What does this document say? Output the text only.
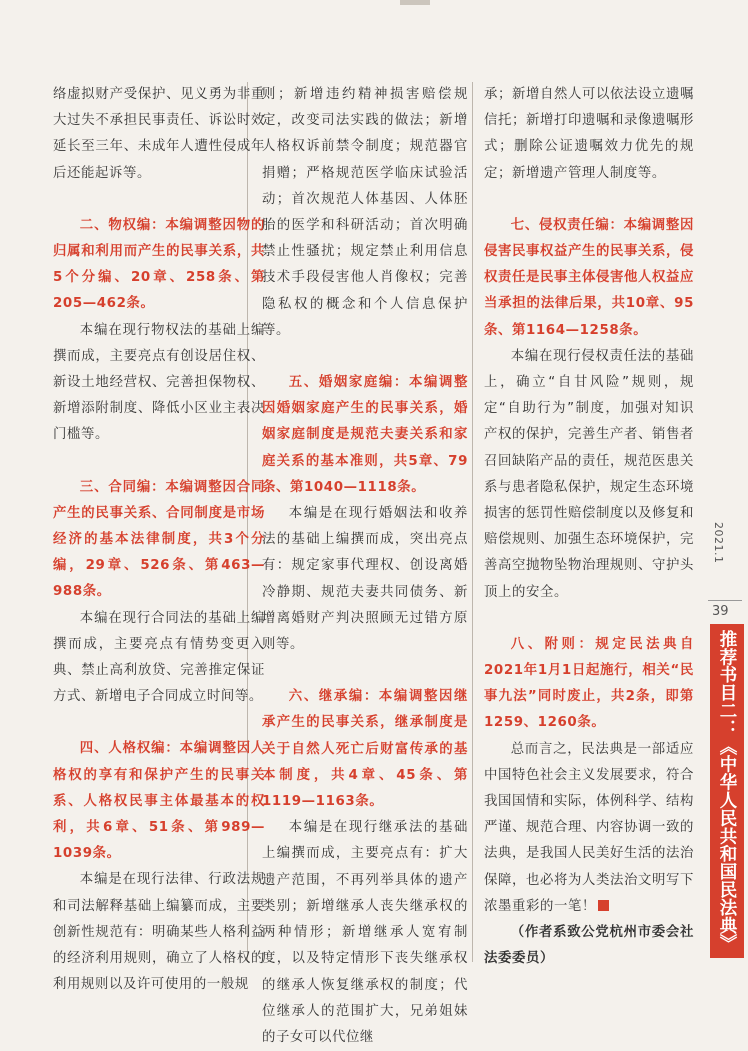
络虚拟财产受保护、见义勇为非重大过失不承担民事责任、诉讼时效延长至三年、未成年人遭性侵成年后还能起诉等。

二、物权编：本编调整因物的归属和利用而产生的民事关系，共5个分编、20章、258条、第205—462条。

本编在现行物权法的基础上编撰而成，主要亮点有创设居住权、新设土地经营权、完善担保物权、新增添附制度、降低小区业主表决门槛等。

三、合同编：本编调整因合同产生的民事关系、合同制度是市场经济的基本法律制度，共3个分编，29章、526条、第463—988条。

本编在现行合同法的基础上编撰而成，主要亮点有情势变更入典、禁止高利放贷、完善推定保证方式、新增电子合同成立时间等。

四、人格权编：本编调整因人格权的享有和保护产生的民事关系、人格权民事主体最基本的权利，共6章、51条、第989—1039条。

本编是在现行法律、行政法规和司法解释基础上编纂而成，主要创新性规范有：明确某些人格利益的经济利用规则，确立了人格权的利用规则以及许可使用的一般规

则；新增违约精神损害赔偿规定，改变司法实践的做法；新增人格权诉前禁令制度；规范器官捐赠；严格规范医学临床试验活动；首次规范人体基因、人体胚胎的医学和科研活动；首次明确禁止性骚扰；规定禁止利用信息技术手段侵害他人肖像权；完善隐私权的概念和个人信息保护等。

五、婚姻家庭编：本编调整因婚姻家庭产生的民事关系，婚姻家庭制度是规范夫妻关系和家庭关系的基本准则，共5章、79条、第1040—1118条。

本编是在现行婚姻法和收养法的基础上编撰而成，突出亮点有：规定家事代理权、创设离婚冷静期、规范夫妻共同债务、新增离婚财产判决照顾无过错方原则等。

六、继承编：本编调整因继承产生的民事关系，继承制度是关于自然人死亡后财富传承的基本制度，共4章、45条、第1119—1163条。

本编是在现行继承法的基础上编撰而成，主要亮点有：扩大遗产范围，不再列举具体的遗产类别；新增继承人丧失继承权的两种情形；新增继承人宽宥制度，以及特定情形下丧失继承权的继承人恢复继承权的制度；代位继承人的范围扩大，兄弟姐妹的子女可以代位继

承；新增自然人可以依法设立遗嘱信托；新增打印遗嘱和录像遗嘱形式；删除公证遗嘱效力优先的规定；新增遗产管理人制度等。

七、侵权责任编：本编调整因侵害民事权益产生的民事关系，侵权责任是民事主体侵害他人权益应当承担的法律后果，共10章、95条、第1164—1258条。

本编在现行侵权责任法的基础上，确立“自甘风险”规则，规定“自助行为”制度，加强对知识产权的保护，完善生产者、销售者召回缺陷产品的责任，规范医患关系与患者隐私保护，规定生态环境损害的惩罚性赔偿制度以及修复和赔偿规则、加强生态环境保护，完善高空抛物坠物治理规则、守护头顶上的安全。

八、附则：规定民法典自2021年1月1日起施行，相关“民事九法”同时废止，共2条，即第1259、1260条。

总而言之，民法典是一部适应中国特色社会主义发展要求，符合我国国情和实际，体例科学、结构严谨、规范合理、内容协调一致的法典，是我国人民美好生活的法治保障，也必将为人类法治文明写下浓墨重彩的一笔！

（作者系致公党杭州市委会社法委委员）

2021.1
39
推荐书目二：《中华人民共和国民法典》
